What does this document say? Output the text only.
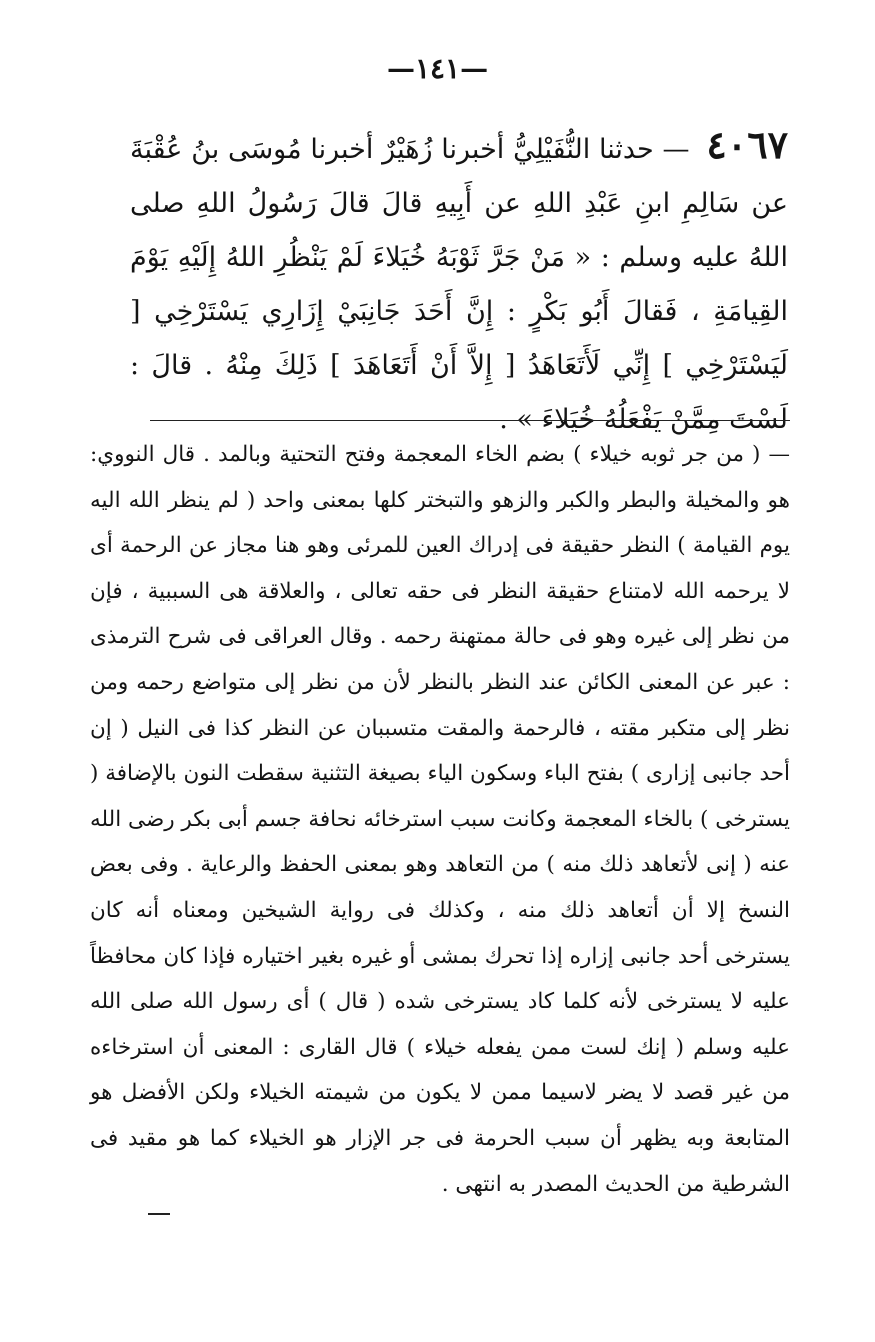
—١٤١—
٤٠٦٧ — حدثنا النُّفَيْلِيُّ أخبرنا زُهَيْرٌ أخبرنا مُوسَى بنُ عُقْبَةَ عن سَالِمِ ابنِ عَبْدِ اللهِ عن أَبِيهِ قالَ قالَ رَسُولُ اللهِ صلى اللهُ عليه وسلم : « مَنْ جَرَّ ثَوْبَهُ خُيَلاءَ لَمْ يَنْظُرِ اللهُ إِلَيْهِ يَوْمَ القِيامَةِ ، فَقالَ أَبُو بَكْرٍ : إِنَّ أَحَدَ جَانِبَيْ إِزَارِي يَسْتَرْخِي [ لَيَسْتَرْخِي ] إِنِّي لَأَتَعَاهَدُ [ إِلاَّ أَنْ أَتَعَاهَدَ ] ذَلِكَ مِنْهُ . قالَ : لَسْتَ مِمَّنْ يَفْعَلُهُ خُيَلاءَ » .
— ( من جر ثوبه خيلاء ) بضم الخاء المعجمة وفتح التحتية وبالمد . قال النووي: هو والمخيلة والبطر والكبر والزهو والتبختر كلها بمعنى واحد ( لم ينظر الله اليه يوم القيامة ) النظر حقيقة فى إدراك العين للمرئى وهو هنا مجاز عن الرحمة أى لا يرحمه الله لامتناع حقيقة النظر فى حقه تعالى ، والعلاقة هى السببية ، فإن من نظر إلى غيره وهو فى حالة ممتهنة رحمه . وقال العراقى فى شرح الترمذى : عبر عن المعنى الكائن عند النظر بالنظر لأن من نظر إلى متواضع رحمه ومن نظر إلى متكبر مقته ، فالرحمة والمقت متسببان عن النظر كذا فى النيل ( إن أحد جانبى إزارى ) بفتح الباء وسكون الياء بصيغة التثنية سقطت النون بالإضافة ( يسترخى ) بالخاء المعجمة وكانت سبب استرخائه نحافة جسم أبى بكر رضى الله عنه ( إنى لأتعاهد ذلك منه ) من التعاهد وهو بمعنى الحفظ والرعاية . وفى بعض النسخ إلا أن أتعاهد ذلك منه ، وكذلك فى رواية الشيخين ومعناه أنه كان يسترخى أحد جانبى إزاره إذا تحرك بمشى أو غيره بغير اختياره فإذا كان محافظاً عليه لا يسترخى لأنه كلما كاد يسترخى شده ( قال ) أى رسول الله صلى الله عليه وسلم ( إنك لست ممن يفعله خيلاء ) قال القارى : المعنى أن استرخاءه من غير قصد لا يضر لاسيما ممن لا يكون من شيمته الخيلاء ولكن الأفضل هو المتابعة وبه يظهر أن سبب الحرمة فى جر الإزار هو الخيلاء كما هو مقيد فى الشرطية من الحديث المصدر به انتهى .
